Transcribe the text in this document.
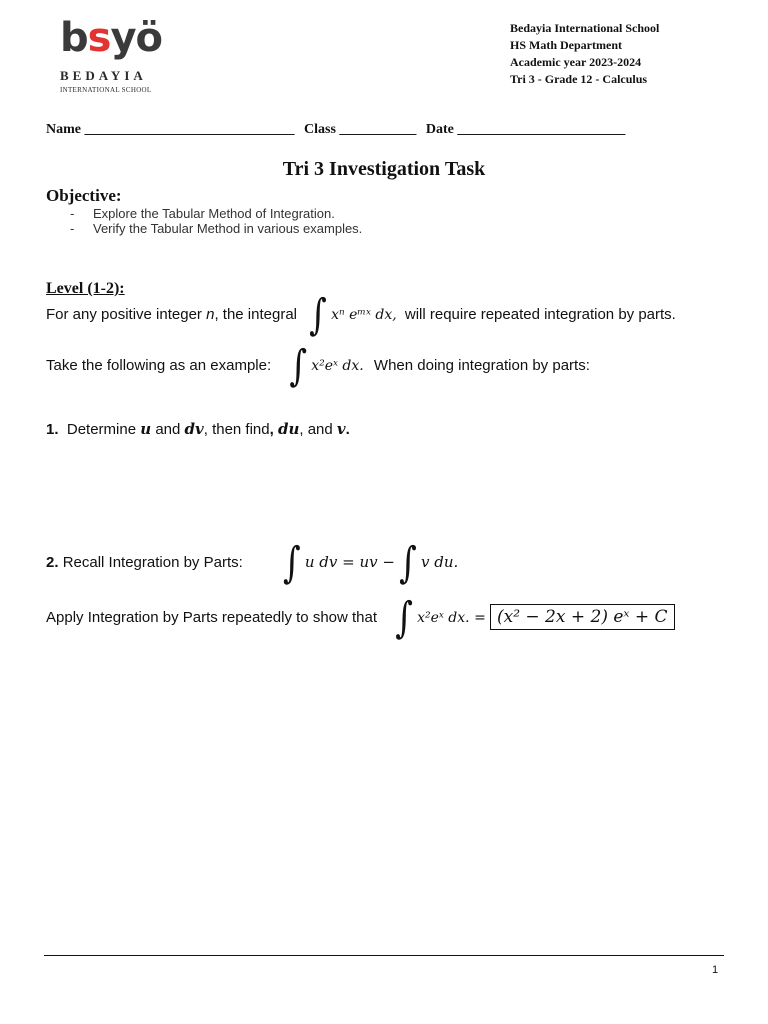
bsyö
BEDAYIA
INTERNATIONAL SCHOOL
Bedayia International School
HS Math Department
Academic year 2023-2024
Tri 3 - Grade 12 - Calculus
Name ______________________________ Class ___________ Date ________________________
Tri 3 Investigation Task
Objective:
- Explore the Tabular Method of Integration.
- Verify the Tabular Method in various examples.
Level (1-2):
For any positive integer n, the integral ∫ xⁿ eᵐˣ dx, will require repeated integration by parts.
Take the following as an example: ∫ x²eˣ dx. When doing integration by parts:
1. Determine u and dv, then find, du, and v.
2. Recall Integration by Parts: ∫ u dv = uv − ∫ v du.
Apply Integration by Parts repeatedly to show that ∫ x²eˣ dx. = (x² − 2x + 2) eˣ + C
1
